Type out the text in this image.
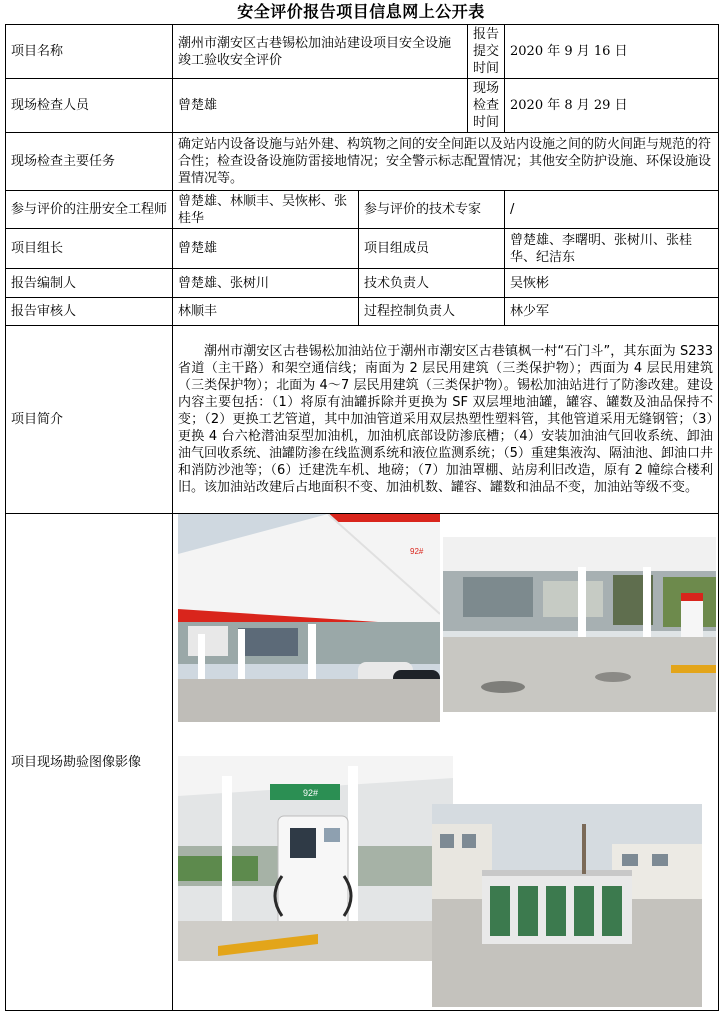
安全评价报告项目信息网上公开表
项目名称	潮州市潮安区古巷锡松加油站建设项目安全设施竣工验收安全评价		报告提交时间	2020 年 9 月 16 日
现场检查人员	曾楚雄		现场检查时间	2020 年 8 月 29 日
现场检查主要任务	确定站内设备设施与站外建、构筑物之间的安全间距以及站内设施之间的防火间距与规范的符合性；检查设备设施防雷接地情况；安全警示标志配置情况；其他安全防护设施、环保设施设置情况等。			
参与评价的注册安全工程师	曾楚雄、林顺丰、吴恢彬、张桂华	参与评价的技术专家		/
项目组长	曾楚雄	项目组成员		曾楚雄、李曙明、张树川、张桂华、纪洁东
报告编制人	曾楚雄、张树川	技术负责人		吴恢彬
报告审核人	林顺丰	过程控制负责人		林少军
项目简介	潮州市潮安区古巷锡松加油站位于潮州市潮安区古巷镇枫一村“石门斗”，其东面为 S233 省道（主干路）和架空通信线；南面为 2 层民用建筑（三类保护物）；西面为 4 层民用建筑（三类保护物）；北面为 4～7 层民用建筑（三类保护物）。锡松加油站进行了防渗改建。建设内容主要包括：（1）将原有油罐拆除并更换为 SF 双层埋地油罐，罐容、罐数及油品保持不变；（2）更换工艺管道，其中加油管道采用双层热塑性塑料管，其他管道采用无缝钢管；（3）更换 4 台六枪潜油泵型加油机，加油机底部设防渗底槽；（4）安装加油油气回收系统、卸油油气回收系统、油罐防渗在线监测系统和液位监测系统；（5）重建集液沟、隔油池、卸油口井和消防沙池等；（6）迁建洗车机、地磅；（7）加油罩棚、站房利旧改造，原有 2 幢综合楼利旧。该加油站改建后占地面积不变、加油机数、罐容、罐数和油品不变，加油站等级不变。			

项目现场勘验图像影像	92#
92#			
